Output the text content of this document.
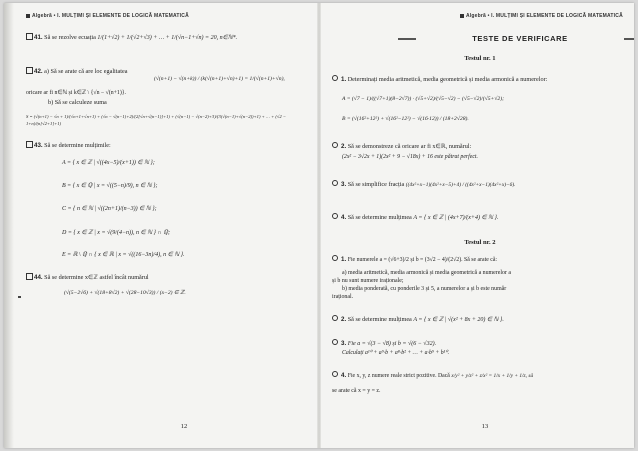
Algebră • I. MULȚIMI ȘI ELEMENTE DE LOGICĂ MATEMATICĂ
41. Să se rezolve ecuația 1/(1+√2) + 1/(√2+√3) + … + 1/(√n−1+√n) = 20, n∈ℕ*.
42. a) Să se arate că are loc egalitatea
(√(n+1) − √(n+k)) / (k(√(n+1)+√n)+1) = 1/(√(n+1)+√n),
oricare ar fi n∈ℕ și k∈ℤ \ {√n − √(n+1)}.
b) Să se calculeze suma
S = (√(n+1) − √n + 1)/(√n+1+√n+1) + (√n − √(n−1)+2)/(2[√n+√(n−1)]+1) + (√(n−1) − √(n−2)+3)/(3(√(n−1)+√(n−2))+1) + … + (√2 − 1+n)/(n[√2+1]+1)
43. Să se determine mulțimile:
A = { x ∈ ℤ | √((4x−5)/(x+1)) ∈ ℕ };
B = { x ∈ ℚ | x = √((5−n)/9), n ∈ ℕ };
C = { n ∈ ℕ | √((2n+1)/(n−3)) ∈ ℕ };
D = { x ∈ ℤ | x = √(9/(4−n)), n ∈ ℕ } ∩ ℚ;
E = ℝ \ ℚ ∩ { x ∈ ℝ | x = √((16−3n)/4), n ∈ ℕ }.
44. Să se determine x∈ℤ astfel încât numărul
(√(5−2√6) + √(18+8√2) + √(28−10√3)) / (x−2) ∈ ℤ.
12
Algebră • I. MULȚIMI ȘI ELEMENTE DE LOGICĂ MATEMATICĂ
TESTE DE VERIFICARE
Testul nr. 1
1. Determinați media aritmetică, media geometrică și media armonică a numerelor:
A = (√7 − 1)/((√7+1)(8−2√7)) · (√5+√2)/(√5−√2) − (√5−√2)/(√5+√2);
B = (√(16²+12²) + √(16²−12²) − √(16·12)) / (18+2√28).
2. Să se demonstreze că oricare ar fi x∈ℝ, numărul:
(2x² − 3√2x + 1)(2x² + 9 − √18x) + 16 este pătrat perfect.
3. Să se simplifice fracția ((4x²+x−1)(4x²+x−5)+4) / ((4x²+x−1)(4x²+x)−6).
4. Să se determine mulțimea A = { x ∈ ℤ | (4x+7)/(x+4) ∈ ℕ }.
Testul nr. 2
1. Fie numerele a = (√6+3)/2 și b = (3√2 − 4)/(2√2). Să se arate că:
a) media aritmetică, media armonică și media geometrică a numerelor a
și b nu sunt numere iraționale;
b) media ponderată, cu ponderile 3 și 5, a numerelor a și b este număr
irațional.
2. Să se determine mulțimea A = { x ∈ ℤ | √(x² + 8x + 20) ∈ ℕ }.
3. Fie a = √(3 − √8) și b = √(6 − √32).
Calculați a¹⁰ + a⁹·b + a⁸·b² + … + a·b⁹ + b¹⁰.
4. Fie x, y, z numere reale strict pozitive. Dacă x/y² + y/z² + z/x² = 1/x + 1/y + 1/z, să
se arate că x = y = z.
13
